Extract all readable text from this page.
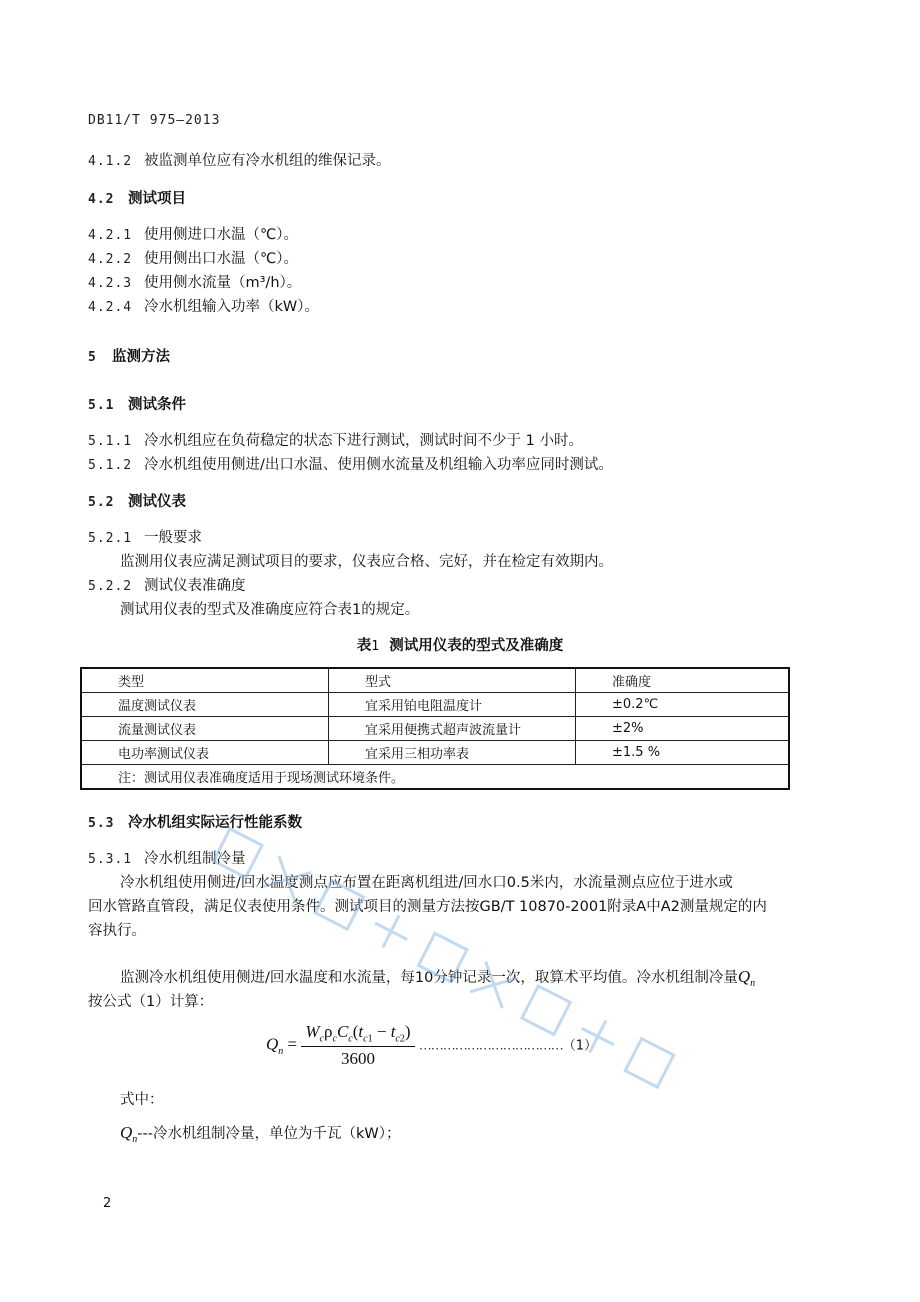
DB11/T 975—2013
4.1.2 被监测单位应有冷水机组的维保记录。
4.2 测试项目
4.2.1 使用侧进口水温（℃）。
4.2.2 使用侧出口水温（℃）。
4.2.3 使用侧水流量（m³/h）。
4.2.4 冷水机组输入功率（kW）。
5 监测方法
5.1 测试条件
5.1.1 冷水机组应在负荷稳定的状态下进行测试，测试时间不少于 1 小时。
5.1.2 冷水机组使用侧进/出口水温、使用侧水流量及机组输入功率应同时测试。
5.2 测试仪表
5.2.1 一般要求
监测用仪表应满足测试项目的要求，仪表应合格、完好，并在检定有效期内。
5.2.2 测试仪表准确度
测试用仪表的型式及准确度应符合表1的规定。
表1 测试用仪表的型式及准确度
类型	型式	准确度
温度测试仪表	宜采用铂电阻温度计	±0.2℃
流量测试仪表	宜采用便携式超声波流量计	±2%
电功率测试仪表	宜采用三相功率表	±1.5 %
注：测试用仪表准确度适用于现场测试环境条件。		
5.3 冷水机组实际运行性能系数
5.3.1 冷水机组制冷量
冷水机组使用侧进/回水温度测点应布置在距离机组进/回水口0.5米内，水流量测点应位于进水或
回水管路直管段，满足仪表使用条件。测试项目的测量方法按GB/T 10870-2001附录A中A2测量规定的内
容执行。
监测冷水机组使用侧进/回水温度和水流量，每10分钟记录一次，取算术平均值。冷水机组制冷量$Q_n$
按公式（1）计算：
$Q_n = \frac{W_c\rho_cC_c(t_{c1} - t_{c2})}{3600}$ ………………………………（1）
式中：
$Q_n---$冷水机组制冷量，单位为千瓦（kW）；
2
